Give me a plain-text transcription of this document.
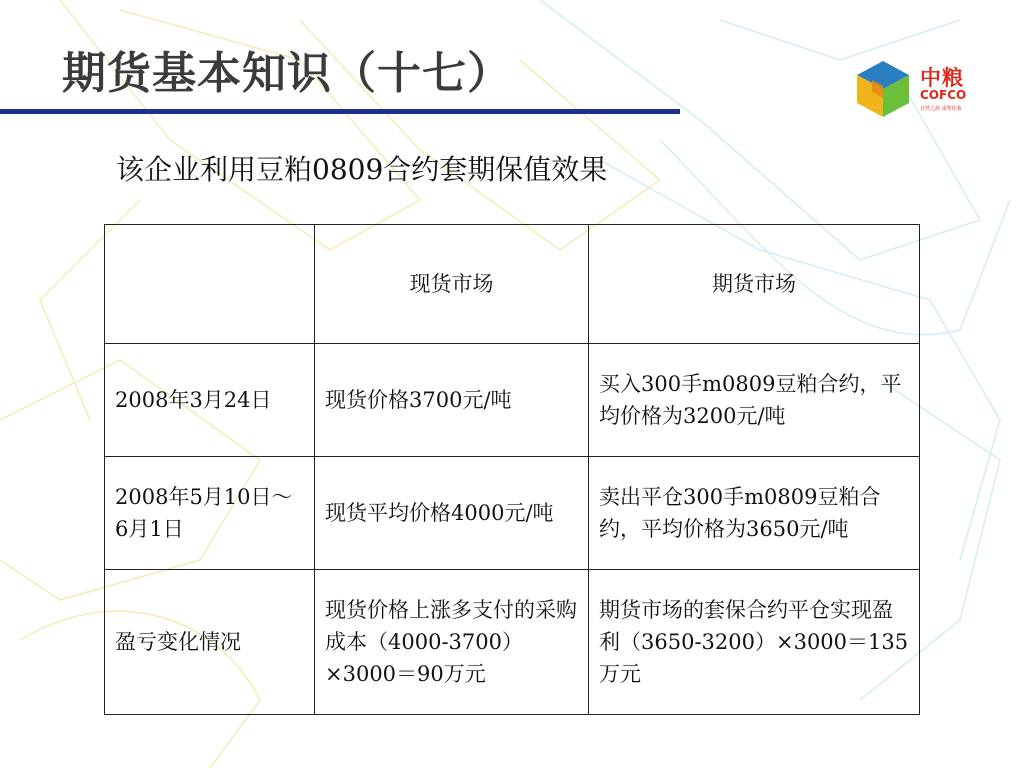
期货基本知识（十七）	中粮
COFCO
自然之源 重塑你我
该企业利用豆粕0809合约套期保值效果
	现货市场	期货市场
2008年3月24日	现货价格3700元/吨	买入300手m0809豆粕合约，平均价格为3200元/吨
2008年5月10日～6月1日	现货平均价格4000元/吨	卖出平仓300手m0809豆粕合约，平均价格为3650元/吨
盈亏变化情况	现货价格上涨多支付的采购成本（4000-3700）×3000＝90万元	期货市场的套保合约平仓实现盈利（3650-3200）×3000＝135万元
